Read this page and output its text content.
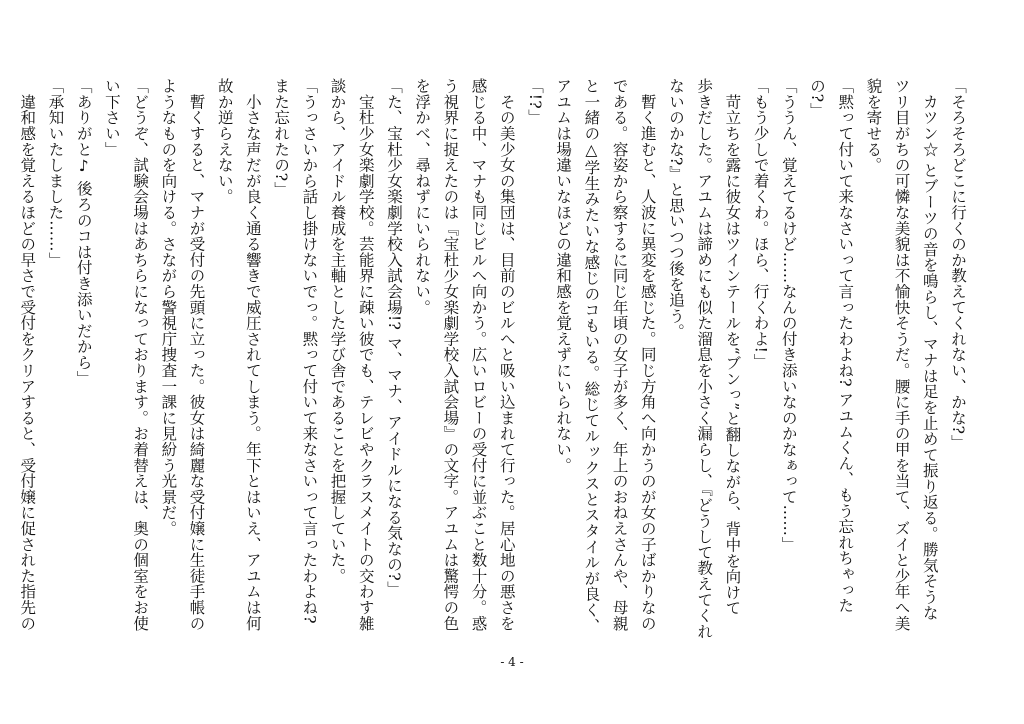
「そろそろどこに行くのか教えてくれない、かな?」

　カツン☆ とブーツの音を鳴らし、マナは足を止めて振り返る。勝気そうな

ツリ目がちの可憐な美貌は不愉快そうだ。腰に手の甲を当て、ズイと少年へ美

貌を寄せる。

「黙って付いて来なさいって言ったわよね? アユムくん、もう忘れちゃった

の?」

「ううん、覚えてるけど……なんの付き添いなのかなぁって……」

「もう少しで着くわ。ほら、行くわよ!」

　苛立ちを露に彼女はツインテールを“ブンっ”と翻しながら、背中を向けて

歩きだした。アユムは諦めにも似た溜息を小さく漏らし、『どうして教えてくれ

ないのかな?』と思いつつ後を追う。

　暫く進むと、人波に異変を感じた。同じ方角へ向かうのが女の子ばかりなの

である。容姿から察するに同じ年頃の女子が多く、年上のおねえさんや、母親

と一緒の△学生みたいな感じのコもいる。総じてルックスとスタイルが良く、

アユムは場違いなほどの違和感を覚えずにいられない。

「!?」

　その美少女の集団は、目前のビルへと吸い込まれて行った。居心地の悪さを

感じる中、マナも同じビルへ向かう。広いロビーの受付に並ぶこと数十分。惑

う視界に捉えたのは『宝杜少女楽劇学校入試会場』の文字。アユムは驚愕の色

を浮かべ、尋ねずにいられない。

「た、宝杜少女楽劇学校入試会場!? マ、マナ、アイドルになる気なの?」

　宝杜少女楽劇学校。芸能界に疎い彼でも、テレビやクラスメイトの交わす雑

談から、アイドル養成を主軸とした学び舎であることを把握していた。

「うっさいから話し掛けないでっ。黙って付いて来なさいって言ったわよね?

また忘れたの?」

　小さな声だが良く通る響きで威圧されてしまう。年下とはいえ、アユムは何

故か逆らえない。

　暫くすると、マナが受付の先頭に立った。彼女は綺麗な受付嬢に生徒手帳の

ようなものを向ける。さながら警視庁捜査一課に見紛う光景だ。

「どうぞ、試験会場はあちらになっております。お着替えは、奥の個室をお使

い下さい」

「ありがと♪ 後ろのコは付き添いだから」

「承知いたしました……」

　違和感を覚えるほどの早さで受付をクリアすると、受付嬢に促された指先の

- 4 -
